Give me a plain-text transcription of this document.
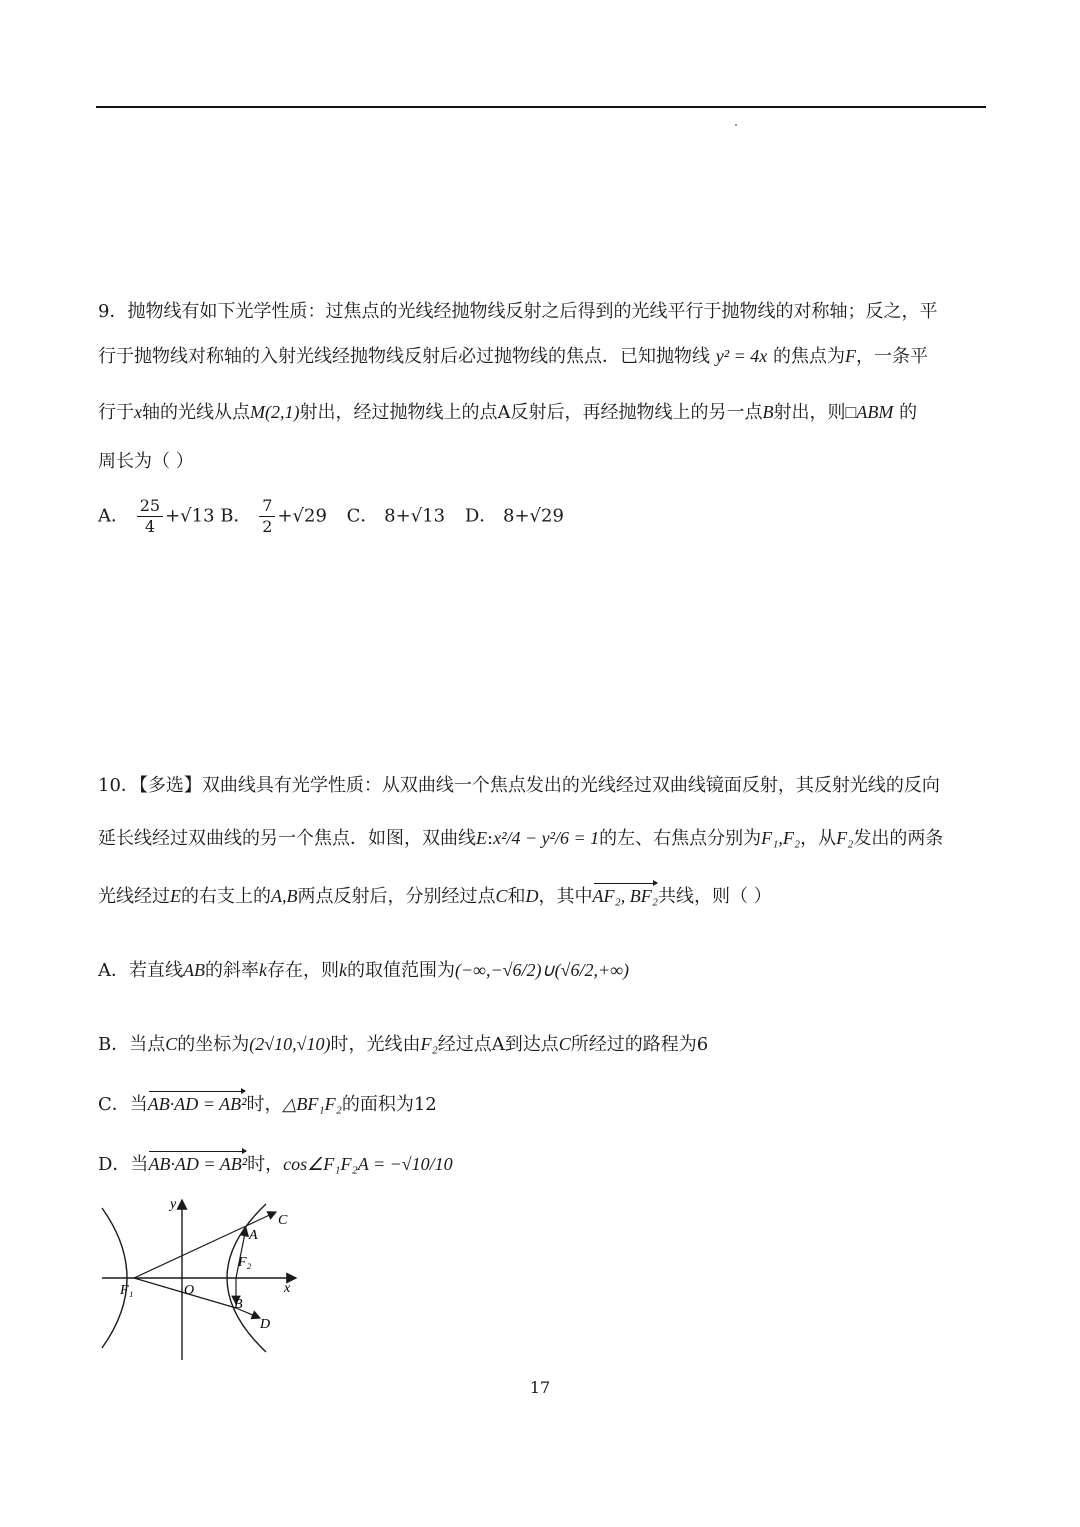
9．抛物线有如下光学性质：过焦点的光线经抛物线反射之后得到的光线平行于抛物线的对称轴；反之，平
行于抛物线对称轴的入射光线经抛物线反射后必过抛物线的焦点．已知抛物线 y² = 4x 的焦点为F，一条平
行于x轴的光线从点M(2,1)射出，经过抛物线上的点A反射后，再经抛物线上的另一点B射出，则□ABM 的
周长为（ ）
A． $\frac{25}{4} +√13$ B． $\frac{7}{2} +√29$ C． 8+√13 D． 8+√29
10．【多选】双曲线具有光学性质：从双曲线一个焦点发出的光线经过双曲线镜面反射，其反射光线的反向
延长线经过双曲线的另一个焦点．如图，双曲线E:x²/4 − y²/6 = 1的左、右焦点分别为F₁,F₂，从F₂发出的两条
光线经过E的右支上的A,B两点反射后，分别经过点C和D，其中AF₂, BF₂共线，则（ ）
A．若直线AB的斜率k存在，则k的取值范围为(−∞,−√6/2)∪(√6/2,+∞)
B．当点C的坐标为(2√10,√10)时，光线由F₂经过点A到达点C所经过的路程为6
C．当AB·AD = AB²时，△BF₁F₂的面积为12
D．当AB·AD = AB²时，cos∠F₁F₂A = −√10/10
y
x
O
F₁
F₂
A
B
C
D
17
